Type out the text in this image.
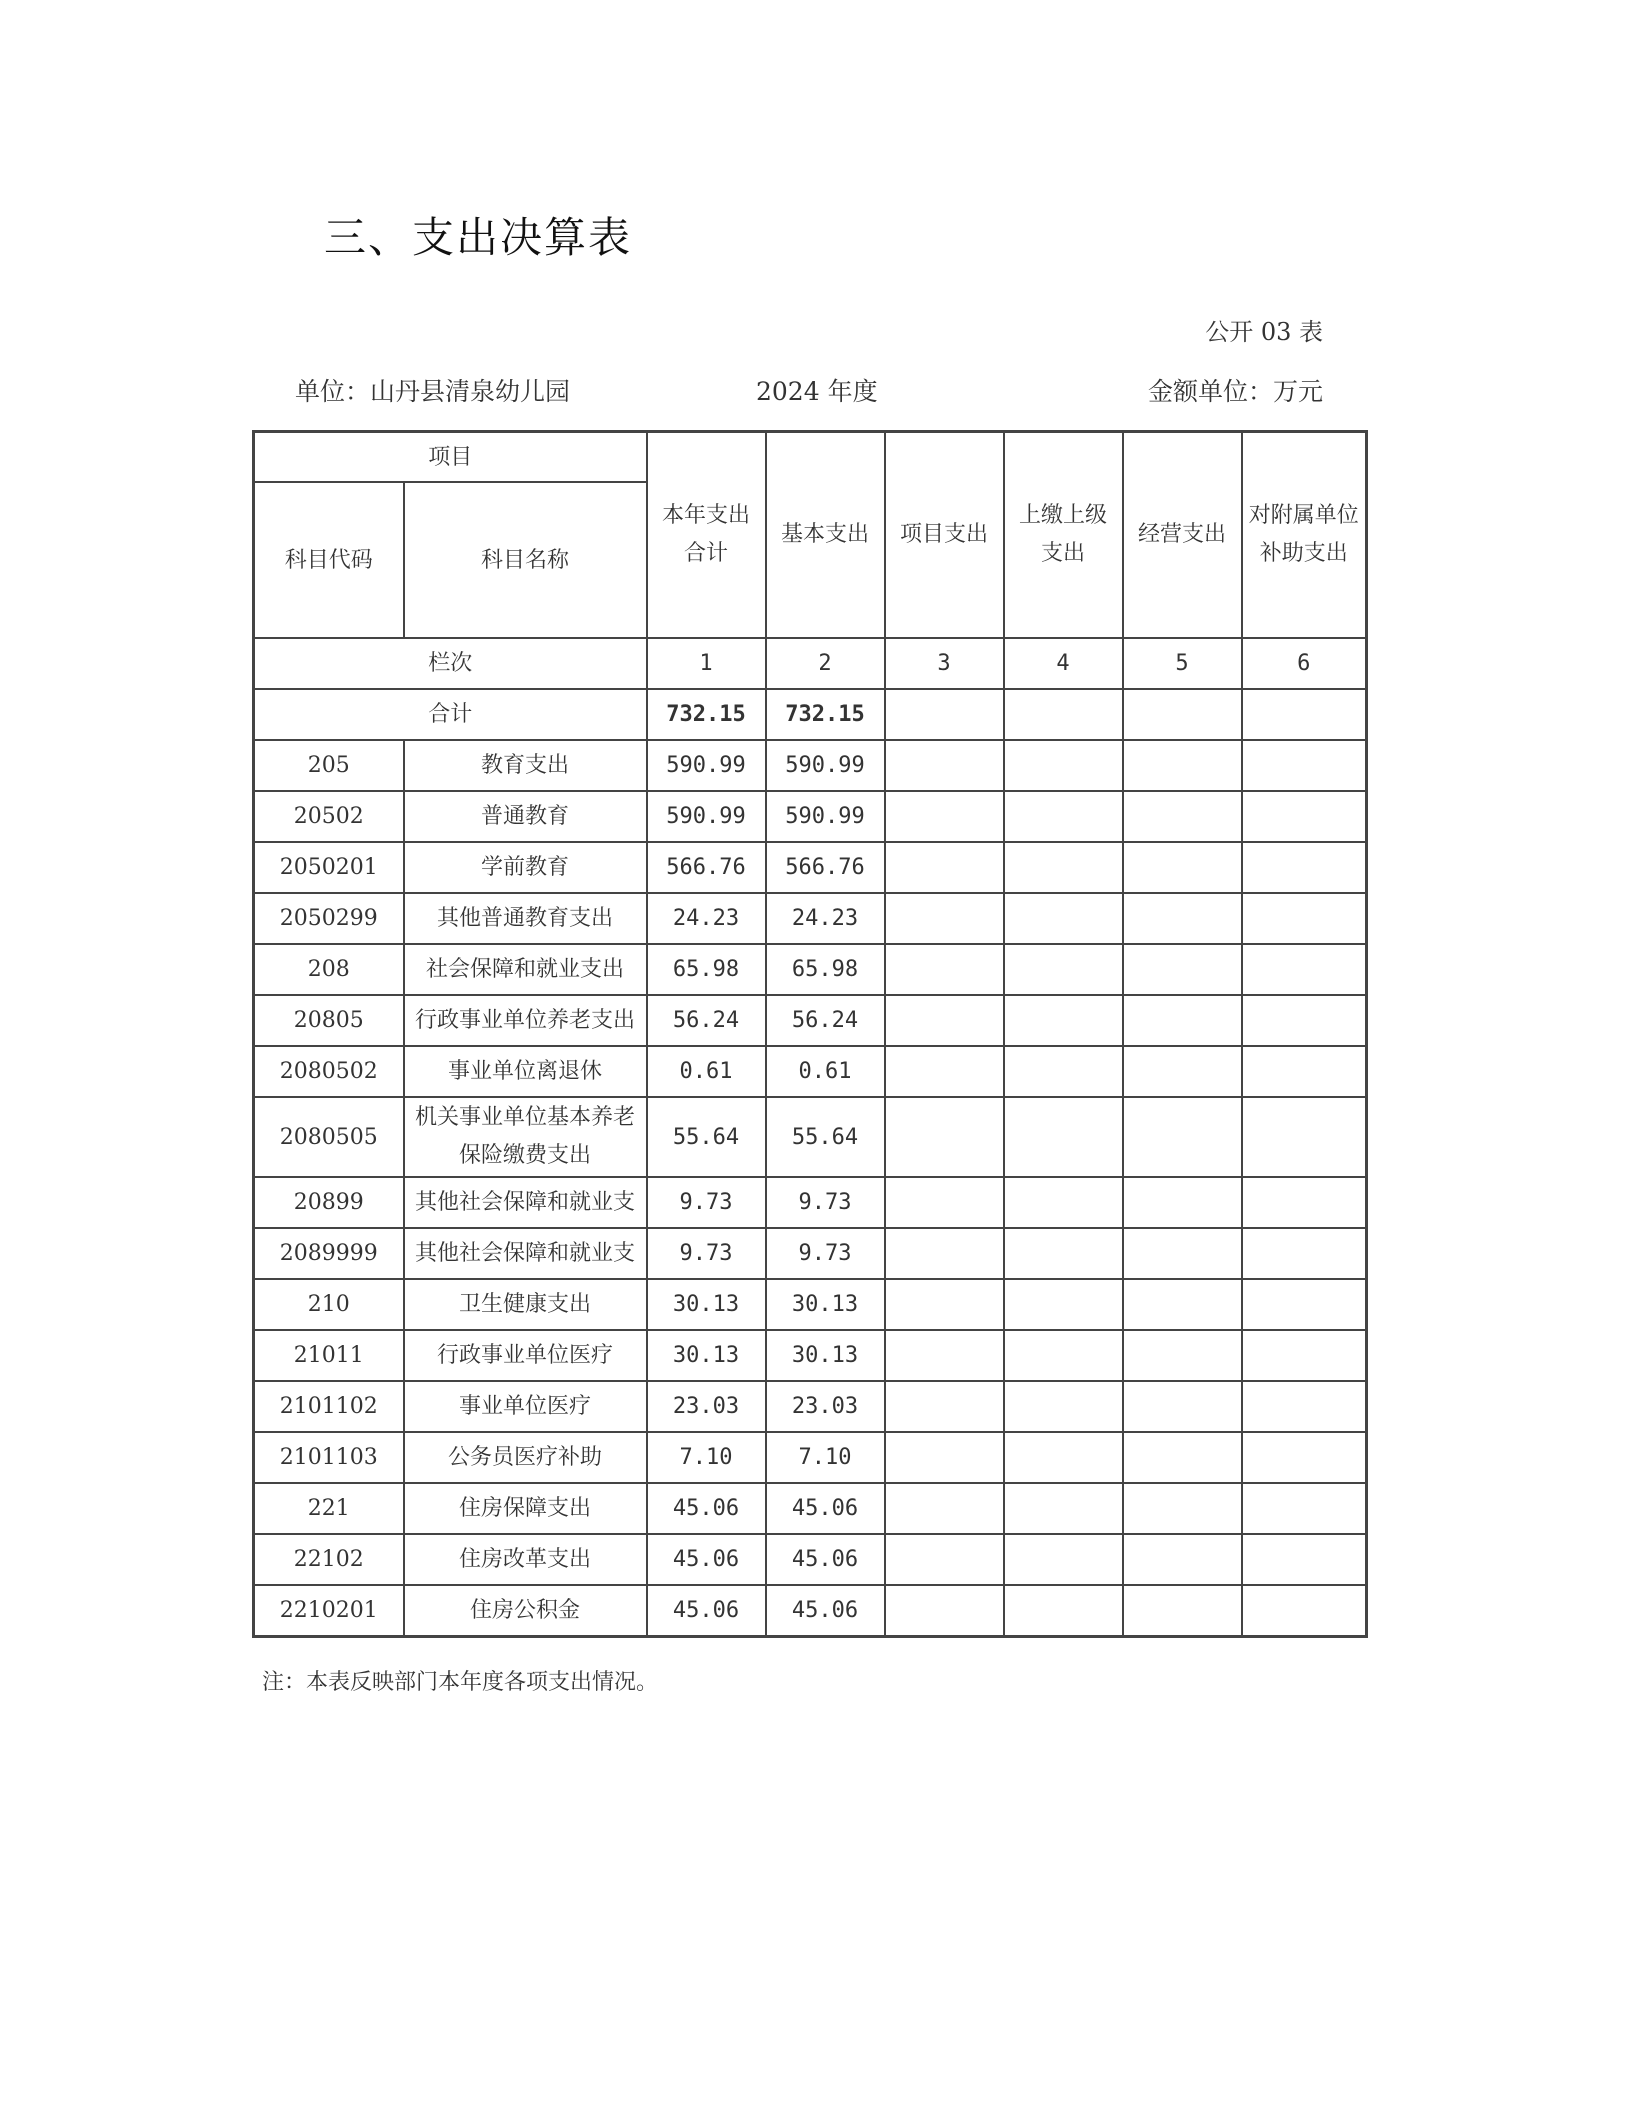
三、支出决算表
公开 03 表
单位：山丹县清泉幼儿园	2024 年度	金额单位：万元
项目		本年支出合计	基本支出	项目支出	上缴上级支出	经营支出	对附属单位补助支出
科目代码	科目名称						
栏次		1	2	3	4	5	6
合计		732.15	732.15				
205	教育支出	590.99	590.99				
20502	普通教育	590.99	590.99				
2050201	学前教育	566.76	566.76				
2050299	其他普通教育支出	24.23	24.23				
208	社会保障和就业支出	65.98	65.98				
20805	行政事业单位养老支出	56.24	56.24				
2080502	事业单位离退休	0.61	0.61				
2080505	机关事业单位基本养老保险缴费支出	55.64	55.64				
20899	其他社会保障和就业支	9.73	9.73				
2089999	其他社会保障和就业支	9.73	9.73				
210	卫生健康支出	30.13	30.13				
21011	行政事业单位医疗	30.13	30.13				
2101102	事业单位医疗	23.03	23.03				
2101103	公务员医疗补助	7.10	7.10				
221	住房保障支出	45.06	45.06				
22102	住房改革支出	45.06	45.06				
2210201	住房公积金	45.06	45.06				
注：本表反映部门本年度各项支出情况。
